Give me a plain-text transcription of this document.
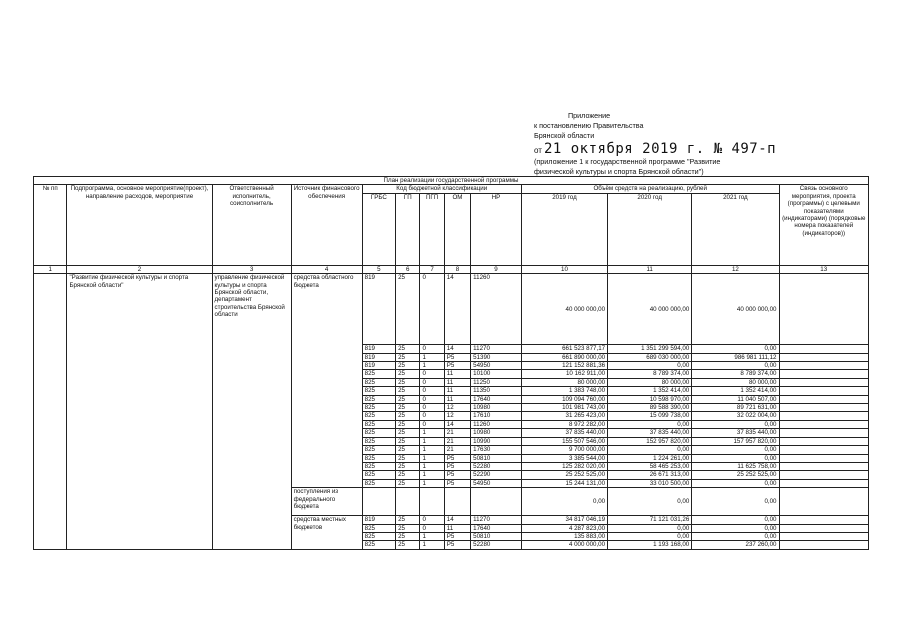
Приложение
к постановлению Правительства
Брянской области
от 21 октября 2019 г. № 497-п
(приложение 1 к государственной программе "Развитие
физической культуры и спорта Брянской области")
План реализации государственной программы												
№ пп	Подпрограмма, основное мероприятие(проект), направление расходов, мероприятие	Ответственный исполнитель, соисполнитель	Источник финансового обеспечения	Код бюджетной классификации					Объём средств на реализацию, рублей			Связь основного мероприятия, проекта (программы) с целевыми показателями (индикаторами) (порядковые номера показателей (индикаторов))
				ГРБС	ГП	ПГП	ОМ	НР	2019 год	2020 год	2021 год	
1	2	3	4	5	6	7	8	9	10	11	12	13
	"Развитие физической культуры и спорта Брянской области"	управление физической культуры и спорта Брянской области, департамент строительства Брянской области	средства областного бюджета	819	25	0	14	11260	40 000 000,00	40 000 000,00	40 000 000,00	
				819	25	0	14	11270	661 523 877,17	1 351 299 594,00	0,00	
				819	25	1	P5	51390	661 890 000,00	689 030 000,00	986 981 111,12	
				819	25	1	P5	54950	121 152 881,36	0,00	0,00	
				825	25	0	11	10100	10 162 911,00	8 789 374,00	8 789 374,00	
				825	25	0	11	11250	80 000,00	80 000,00	80 000,00	
				825	25	0	11	11350	1 383 748,00	1 352 414,00	1 352 414,00	
				825	25	0	11	17640	109 094 760,00	10 598 970,00	11 040 507,00	
				825	25	0	12	10980	101 981 743,00	89 588 390,00	89 721 631,00	
				825	25	0	12	17610	31 265 423,00	15 099 738,00	32 022 004,00	
				825	25	0	14	11260	8 972 282,00	0,00	0,00	
				825	25	1	21	10980	37 835 440,00	37 835 440,00	37 835 440,00	
				825	25	1	21	10990	155 507 546,00	152 957 820,00	157 957 820,00	
				825	25	1	21	17630	9 700 000,00	0,00	0,00	
				825	25	1	P5	50810	3 385 544,00	1 224 261,00	0,00	
				825	25	1	P5	52280	125 282 020,00	58 465 253,00	11 625 758,00	
				825	25	1	P5	52290	25 252 525,00	26 671 313,00	25 252 525,00	
				825	25	1	P5	54950	15 244 131,00	33 010 500,00	0,00	
			поступления из федерального бюджета						0,00	0,00	0,00	
			средства местных бюджетов	819	25	0	14	11270	34 817 046,19	71 121 031,26	0,00	
				825	25	0	11	17640	4 287 823,00	0,00	0,00	
				825	25	1	P5	50810	135 883,00	0,00	0,00	
				825	25	1	P5	52280	4 000 000,00	1 193 168,00	237 260,00	
